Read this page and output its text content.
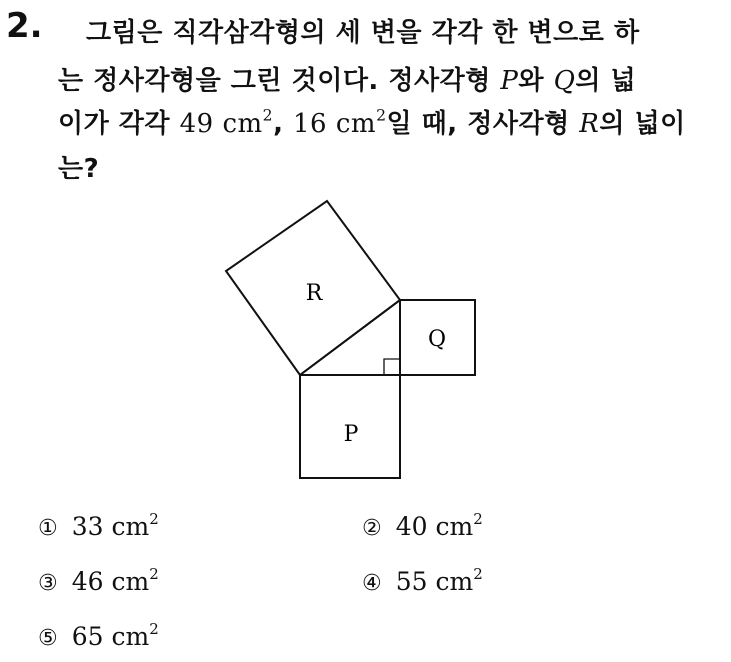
2. 그림은 직각삼각형의 세 변을 각각 한 변으로 하
는 정사각형을 그린 것이다. 정사각형 P와 Q의 넓
이가 각각 49 $cm^2$, 16 $cm^2$일 때, 정사각형 R의 넓이
는?
R
Q
P
① 33 $cm^2$	② 40 $cm^2$
③ 46 $cm^2$	④ 55 $cm^2$
⑤ 65 $cm^2$
